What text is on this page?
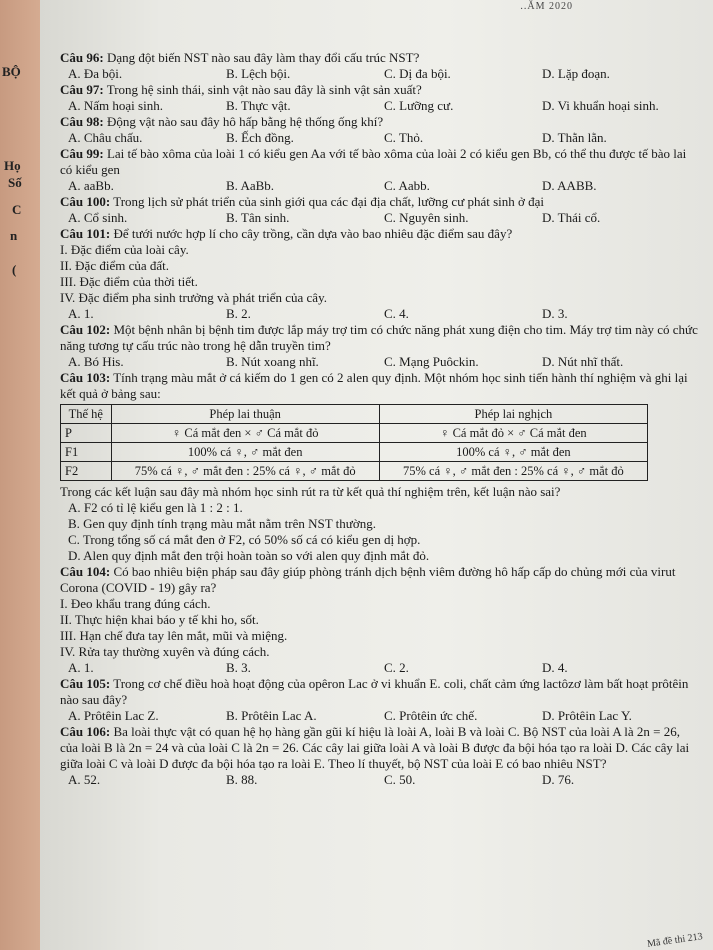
..ĂM 2020
BỘ
Họ
Số
C
n
(
Câu 96: Dạng đột biến NST nào sau đây làm thay đổi cấu trúc NST?
A. Đa bội.	B. Lệch bội.	C. Dị đa bội.	D. Lặp đoạn.
Câu 97: Trong hệ sinh thái, sinh vật nào sau đây là sinh vật sản xuất?
A. Nấm hoại sinh.	B. Thực vật.	C. Lưỡng cư.	D. Vi khuẩn hoại sinh.
Câu 98: Động vật nào sau đây hô hấp bằng hệ thống ống khí?
A. Châu chấu.	B. Ếch đồng.	C. Thỏ.	D. Thằn lằn.
Câu 99: Lai tế bào xôma của loài 1 có kiểu gen Aa với tế bào xôma của loài 2 có kiểu gen Bb, có thể thu được tế bào lai có kiểu gen
A. aaBb.	B. AaBb.	C. Aabb.	D. AABB.
Câu 100: Trong lịch sử phát triển của sinh giới qua các đại địa chất, lưỡng cư phát sinh ở đại
A. Cổ sinh.	B. Tân sinh.	C. Nguyên sinh.	D. Thái cổ.
Câu 101: Để tưới nước hợp lí cho cây trồng, cần dựa vào bao nhiêu đặc điểm sau đây?
I. Đặc điểm của loài cây.
II. Đặc điểm của đất.
III. Đặc điểm của thời tiết.
IV. Đặc điểm pha sinh trưởng và phát triển của cây.
A. 1.	B. 2.	C. 4.	D. 3.
Câu 102: Một bệnh nhân bị bệnh tim được lắp máy trợ tim có chức năng phát xung điện cho tim. Máy trợ tim này có chức năng tương tự cấu trúc nào trong hệ dẫn truyền tim?
A. Bó His.	B. Nút xoang nhĩ.	C. Mạng Puôckin.	D. Nút nhĩ thất.
Câu 103: Tính trạng màu mắt ở cá kiếm do 1 gen có 2 alen quy định. Một nhóm học sinh tiến hành thí nghiệm và ghi lại kết quả ở bảng sau:
Thế hệ	Phép lai thuận	Phép lai nghịch
P	♀ Cá mắt đen × ♂ Cá mắt đỏ	♀ Cá mắt đỏ × ♂ Cá mắt đen
F1	100% cá ♀, ♂ mắt đen	100% cá ♀, ♂ mắt đen
F2	75% cá ♀, ♂ mắt đen : 25% cá ♀, ♂ mắt đỏ	75% cá ♀, ♂ mắt đen : 25% cá ♀, ♂ mắt đỏ
Trong các kết luận sau đây mà nhóm học sinh rút ra từ kết quả thí nghiệm trên, kết luận nào sai?
A. F2 có tỉ lệ kiểu gen là 1 : 2 : 1.
B. Gen quy định tính trạng màu mắt nằm trên NST thường.
C. Trong tổng số cá mắt đen ở F2, có 50% số cá có kiểu gen dị hợp.
D. Alen quy định mắt đen trội hoàn toàn so với alen quy định mắt đỏ.
Câu 104: Có bao nhiêu biện pháp sau đây giúp phòng tránh dịch bệnh viêm đường hô hấp cấp do chủng mới của virut Corona (COVID - 19) gây ra?
I. Đeo khẩu trang đúng cách.
II. Thực hiện khai báo y tế khi ho, sốt.
III. Hạn chế đưa tay lên mắt, mũi và miệng.
IV. Rửa tay thường xuyên và đúng cách.
A. 1.	B. 3.	C. 2.	D. 4.
Câu 105: Trong cơ chế điều hoà hoạt động của opêron Lac ở vi khuẩn E. coli, chất cảm ứng lactôzơ làm bất hoạt prôtêin nào sau đây?
A. Prôtêin Lac Z.	B. Prôtêin Lac A.	C. Prôtêin ức chế.	D. Prôtêin Lac Y.
Câu 106: Ba loài thực vật có quan hệ họ hàng gần gũi kí hiệu là loài A, loài B và loài C. Bộ NST của loài A là 2n = 26, của loài B là 2n = 24 và của loài C là 2n = 26. Các cây lai giữa loài A và loài B được đa bội hóa tạo ra loài D. Các cây lai giữa loài C và loài D được đa bội hóa tạo ra loài E. Theo lí thuyết, bộ NST của loài E có bao nhiêu NST?
A. 52.	B. 88.	C. 50.	D. 76.
Mã đề thi 213
